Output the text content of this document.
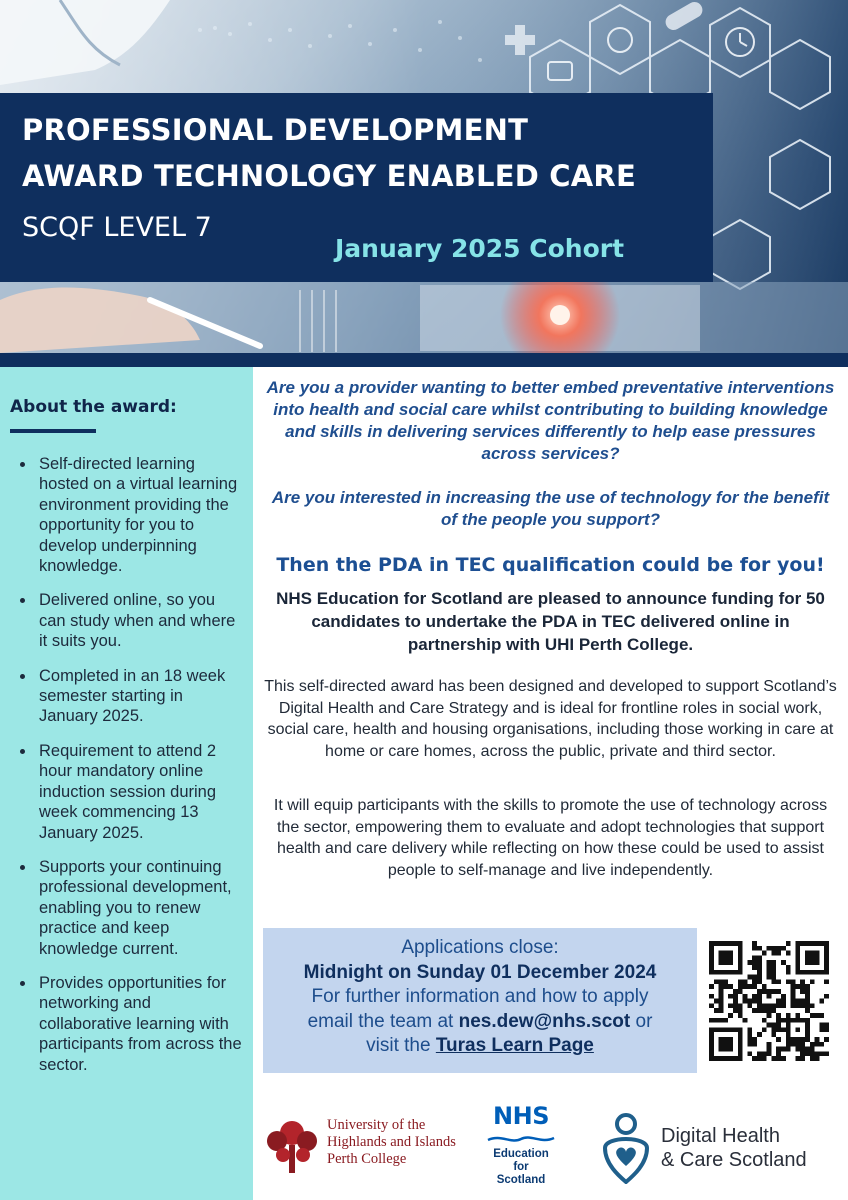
PROFESSIONAL DEVELOPMENT
AWARD TECHNOLOGY ENABLED CARE
SCQF LEVEL 7
January 2025 Cohort
About the award:
Self-directed learning hosted on a virtual learning environment providing the opportunity for you to develop underpinning knowledge.
Delivered online, so you can study when and where it suits you.
Completed in an 18 week semester starting in January 2025.
Requirement to attend 2 hour mandatory online induction session during week commencing 13 January 2025.
Supports your continuing professional development, enabling you to renew practice and keep knowledge current.
Provides opportunities for networking and collaborative learning with participants from across the sector.

Are you a provider wanting to better embed preventative interventions into health and social care whilst contributing to building knowledge and skills in delivering services differently to help ease pressures across services?

Are you interested in increasing the use of technology for the benefit of the people you support?

Then the PDA in TEC qualification could be for you!

NHS Education for Scotland are pleased to announce funding for 50 candidates to undertake the PDA in TEC delivered online in partnership with UHI Perth College.

This self-directed award has been designed and developed to support Scotland’s Digital Health and Care Strategy and is ideal for frontline roles in social work, social care, health and housing organisations, including those working in care at home or care homes, across the public, private and third sector.

It will equip participants with the skills to promote the use of technology across the sector, empowering them to evaluate and adopt technologies that support health and care delivery while reflecting on how these could be used to assist people to self-manage and live independently.

Applications close:
Midnight on Sunday 01 December 2024
For further information and how to apply
email the team at nes.dew@nhs.scot or
visit the Turas Learn Page
University of the
Highlands and Islands
Perth College
NHS
Education
for
Scotland
Digital Health
& Care Scotland
